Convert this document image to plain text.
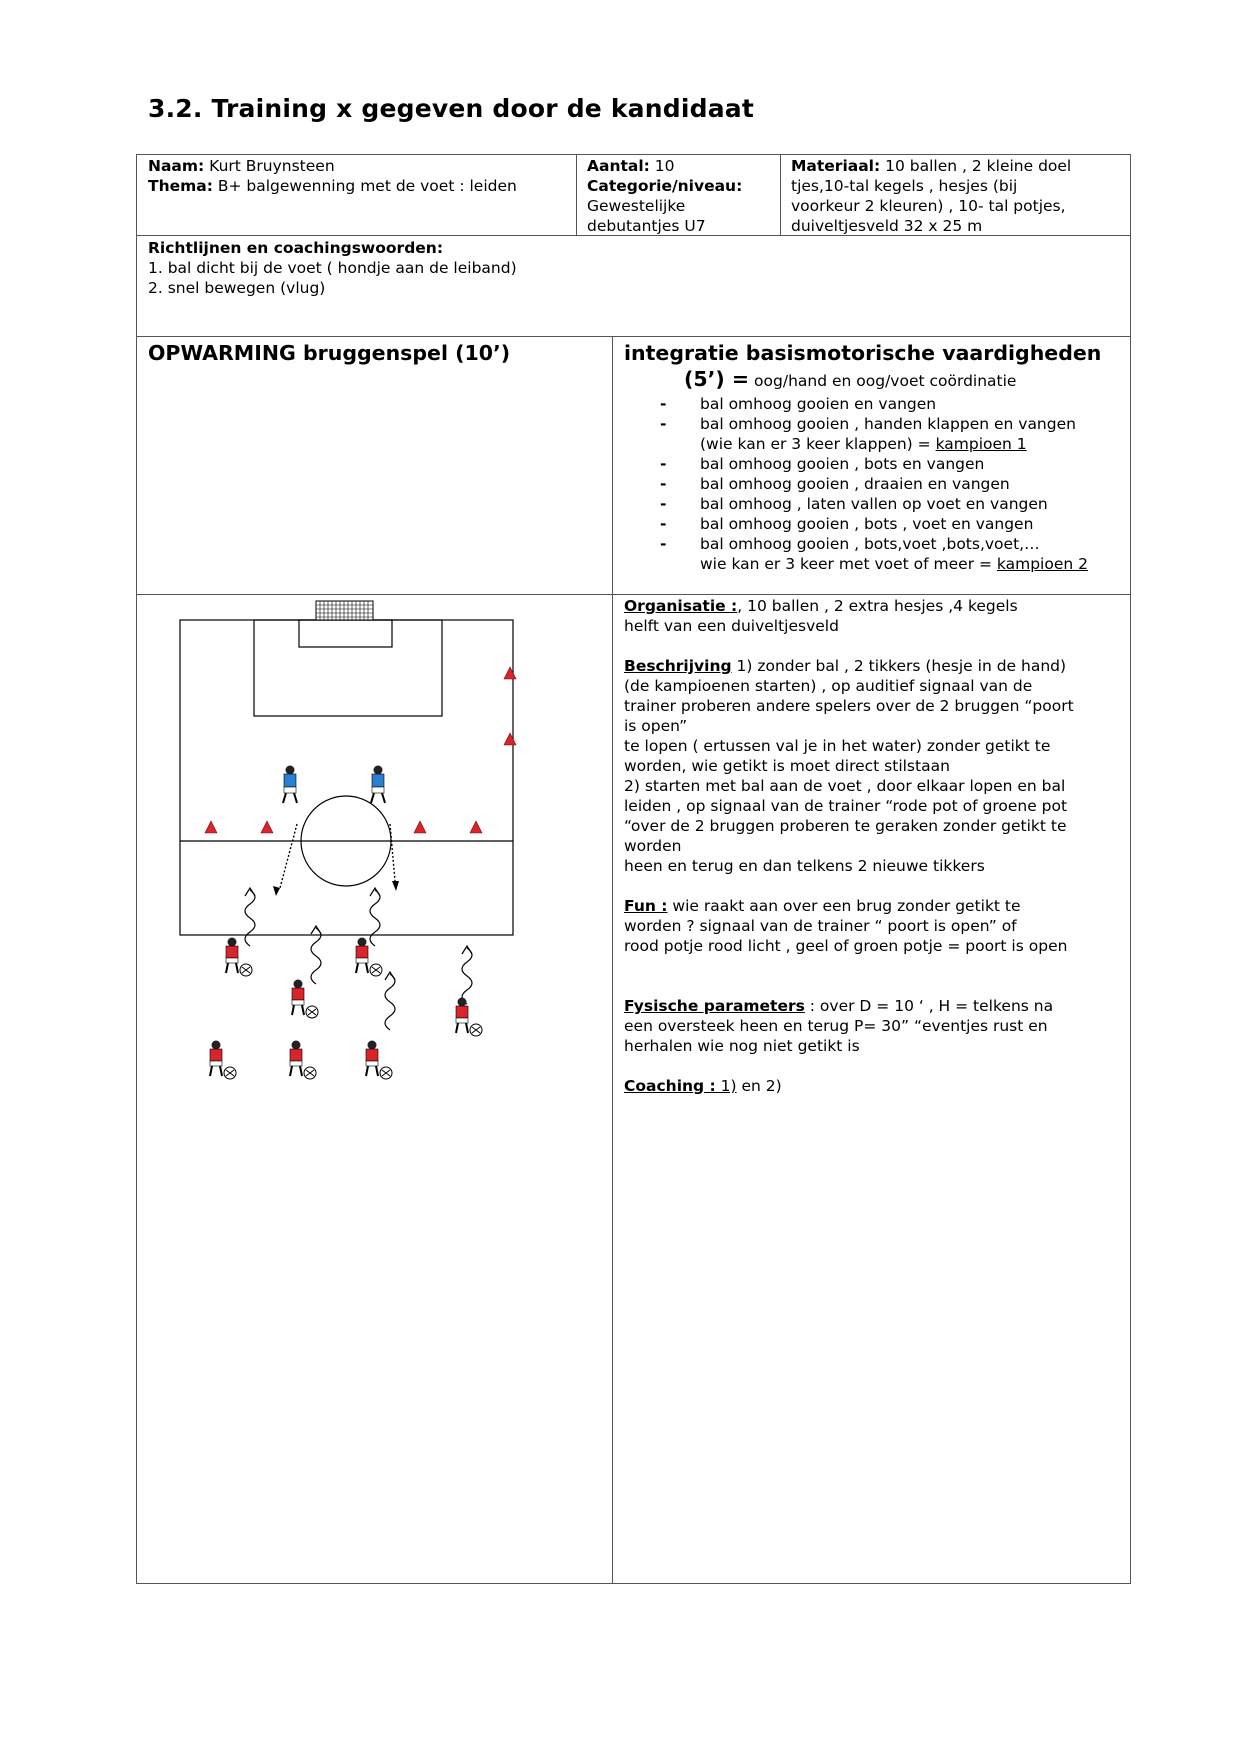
3.2. Training x gegeven door de kandidaat
Naam: Kurt Bruynsteen
Thema: B+ balgewenning met de voet : leiden
Aantal: 10
Categorie/niveau:
Gewestelijke
debutantjes U7
Materiaal: 10 ballen , 2 kleine doel
tjes,10-tal kegels , hesjes (bij
voorkeur 2 kleuren) , 10- tal potjes,
duiveltjesveld 32 x 25 m
Richtlijnen en coachingswoorden:
1. bal dicht bij de voet ( hondje aan de leiband)
2. snel bewegen (vlug)
OPWARMING bruggenspel (10’)	integratie basismotorische vaardigheden
(5’) = oog/hand en oog/voet coördinatie
- bal omhoog gooien en vangen
- bal omhoog gooien , handen klappen en vangen
(wie kan er 3 keer klappen) = kampioen 1
- bal omhoog gooien , bots en vangen
- bal omhoog gooien , draaien en vangen
- bal omhoog , laten vallen op voet en vangen
- bal omhoog gooien , bots , voet en vangen
- bal omhoog gooien , bots,voet ,bots,voet,…
wie kan er 3 keer met voet of meer = kampioen 2
Organisatie :, 10 ballen , 2 extra hesjes ,4 kegels
helft van een duiveltjesveld
Beschrijving 1) zonder bal , 2 tikkers (hesje in de hand)
(de kampioenen starten) , op auditief signaal van de
trainer proberen andere spelers over de 2 bruggen “poort
is open”
te lopen ( ertussen val je in het water) zonder getikt te
worden, wie getikt is moet direct stilstaan
2) starten met bal aan de voet , door elkaar lopen en bal
leiden , op signaal van de trainer “rode pot of groene pot
“over de 2 bruggen proberen te geraken zonder getikt te
worden
heen en terug en dan telkens 2 nieuwe tikkers
Fun : wie raakt aan over een brug zonder getikt te
worden ? signaal van de trainer “ poort is open” of
rood potje rood licht , geel of groen potje = poort is open
Fysische parameters : over D = 10 ‘ , H = telkens na
een oversteek heen en terug P= 30” “eventjes rust en
herhalen wie nog niet getikt is
Coaching : 1) en 2)
